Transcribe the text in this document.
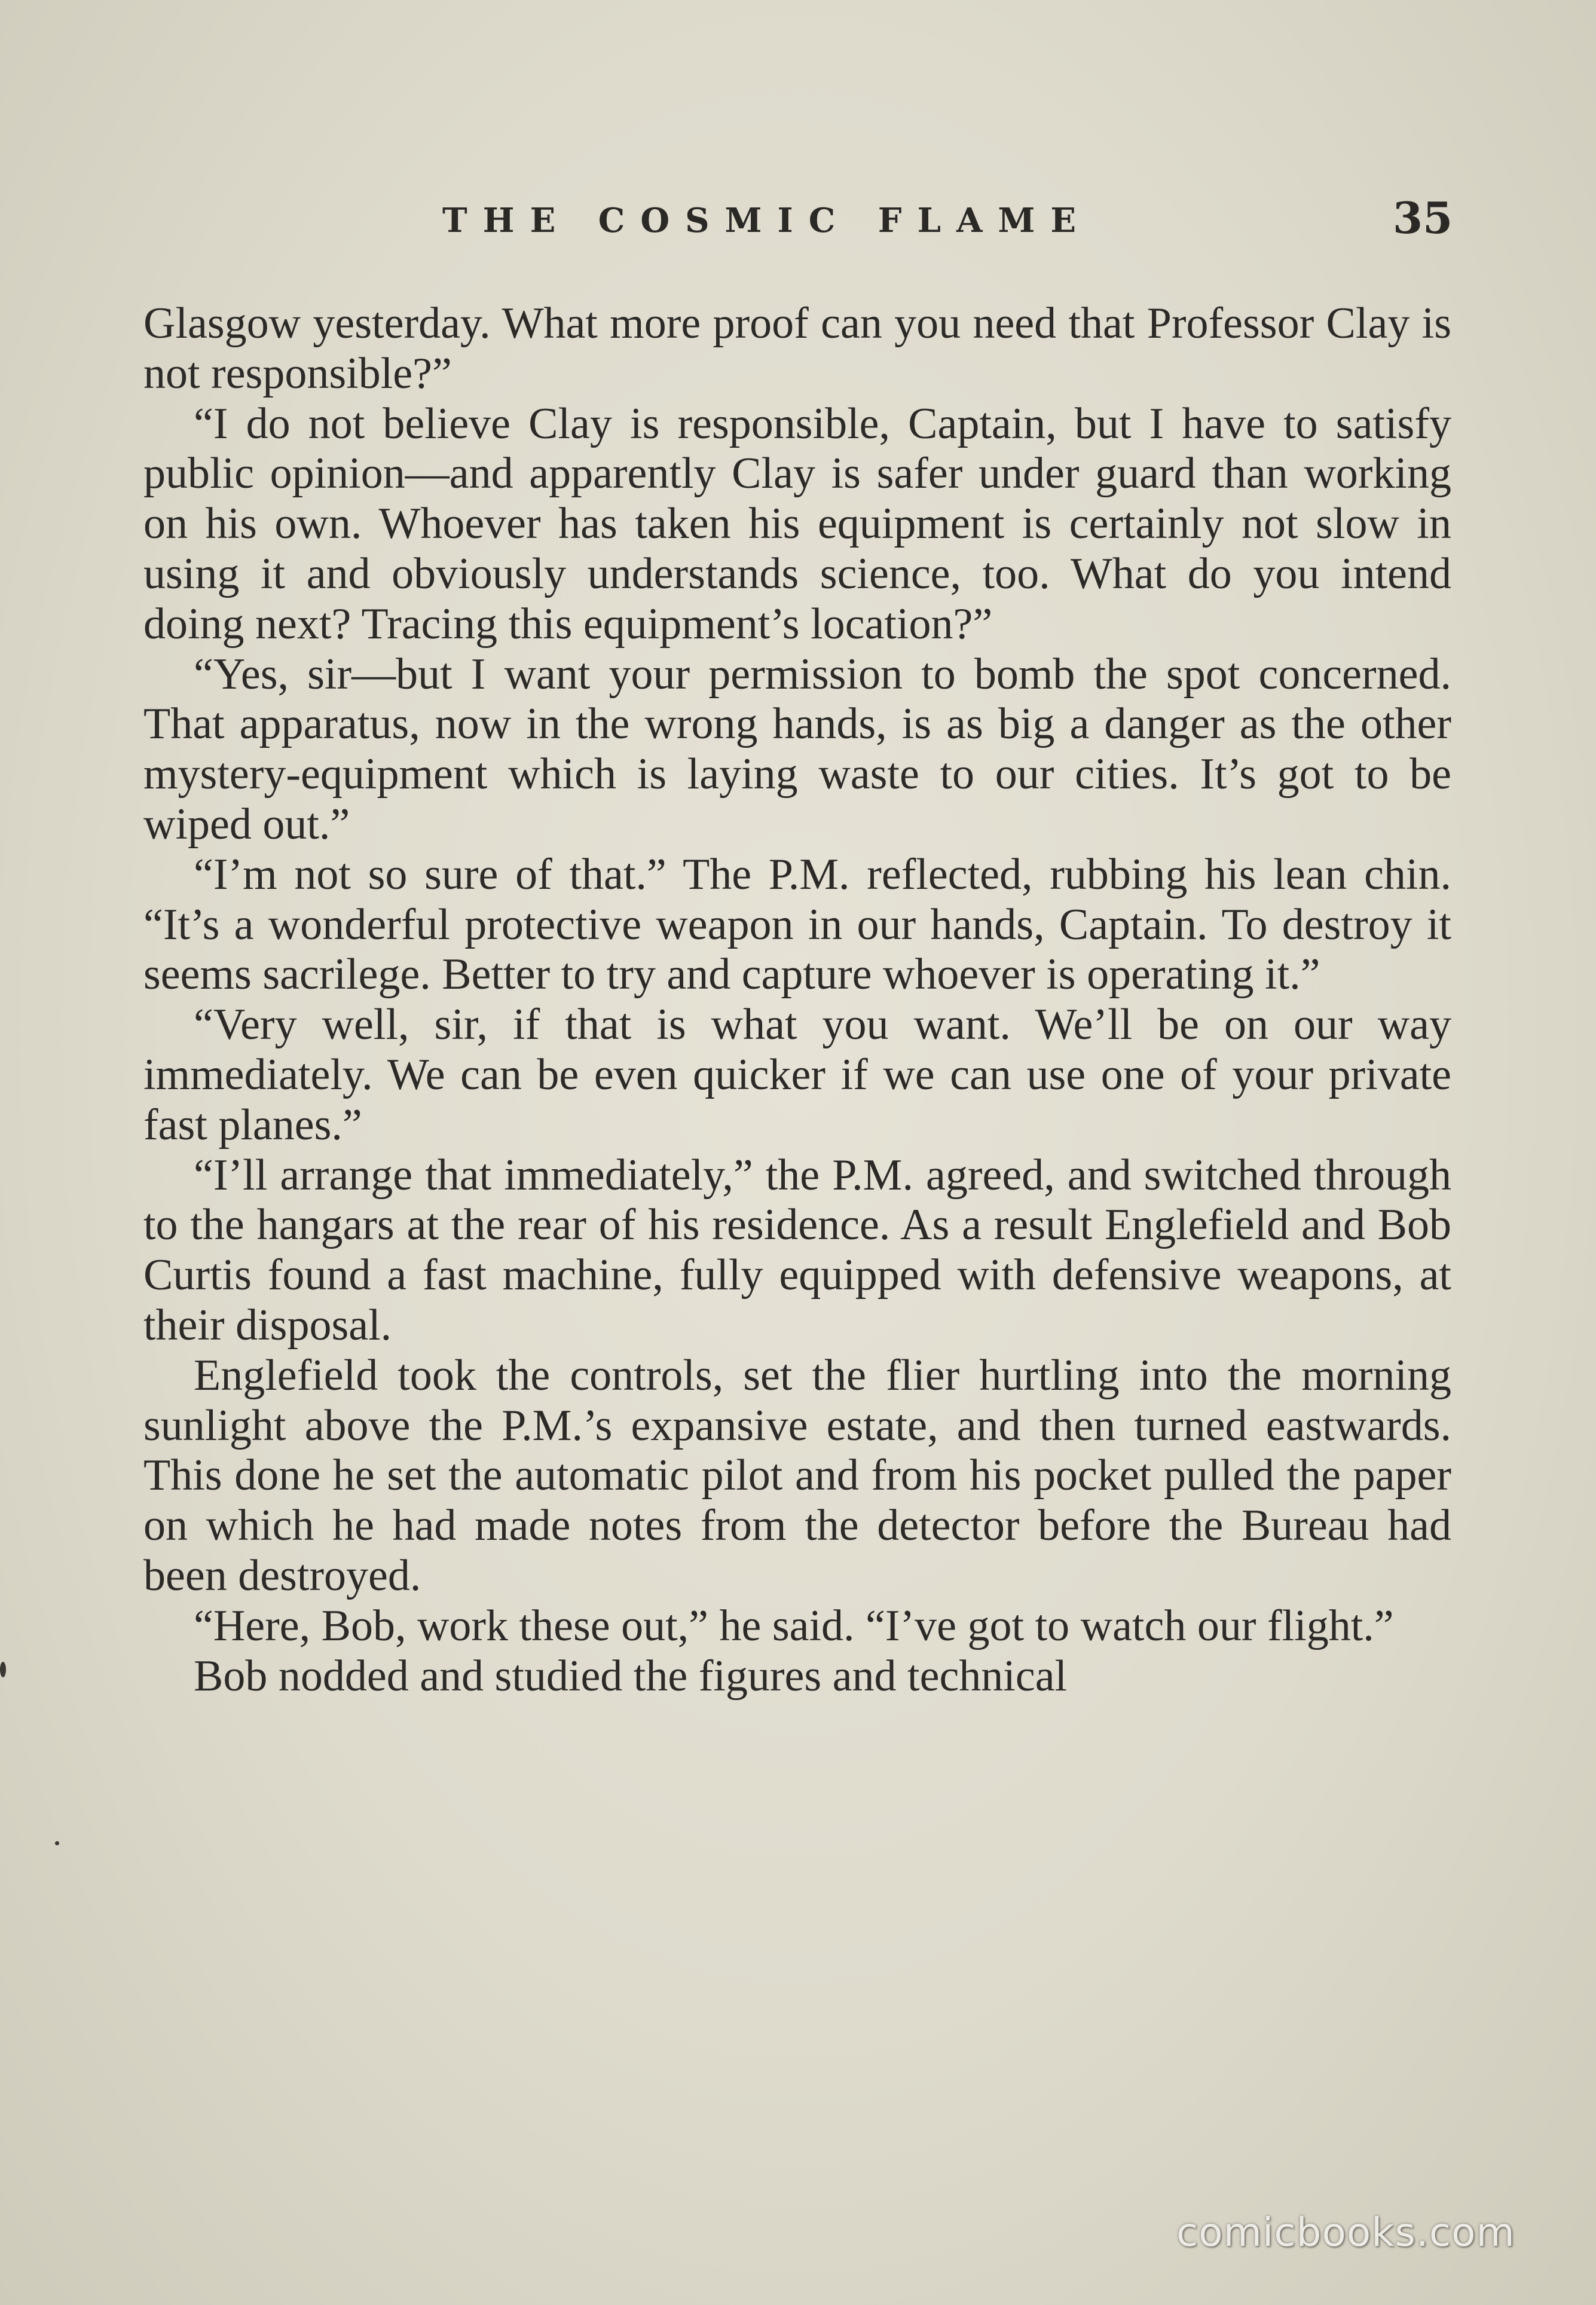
THE COSMIC FLAME	35

Glasgow yesterday. What more proof can you need that Professor Clay is not responsible?”

“I do not believe Clay is responsible, Captain, but I have to satisfy public opinion—and apparently Clay is safer under guard than working on his own. Whoever has taken his equipment is certainly not slow in using it and obviously understands science, too. What do you intend doing next? Tracing this equipment’s location?”

“Yes, sir—but I want your permission to bomb the spot concerned. That apparatus, now in the wrong hands, is as big a danger as the other mystery-equipment which is laying waste to our cities. It’s got to be wiped out.”

“I’m not so sure of that.” The P.M. reflected, rubbing his lean chin. “It’s a wonderful protective weapon in our hands, Captain. To destroy it seems sacrilege. Better to try and capture whoever is operating it.”

“Very well, sir, if that is what you want. We’ll be on our way immediately. We can be even quicker if we can use one of your private fast planes.”

“I’ll arrange that immediately,” the P.M. agreed, and switched through to the hangars at the rear of his residence. As a result Englefield and Bob Curtis found a fast machine, fully equipped with defensive weapons, at their disposal.

Englefield took the controls, set the flier hurtling into the morning sunlight above the P.M.’s expansive estate, and then turned eastwards. This done he set the automatic pilot and from his pocket pulled the paper on which he had made notes from the detector before the Bureau had been destroyed.

“Here, Bob, work these out,” he said. “I’ve got to watch our flight.”

Bob nodded and studied the figures and technical

comicbooks.com
